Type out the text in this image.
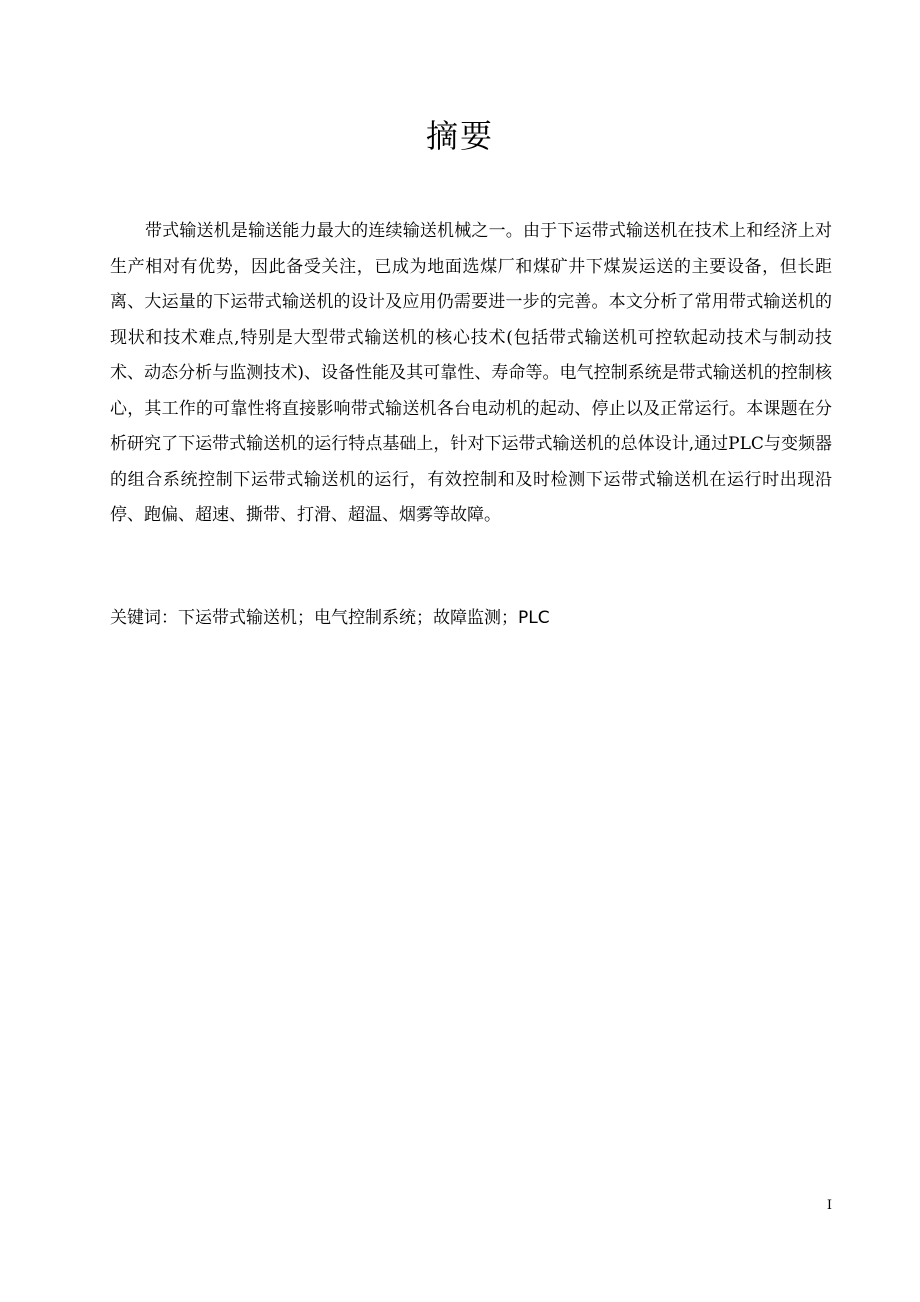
摘要

带式输送机是输送能力最大的连续输送机械之一。由于下运带式输送机在技术上和经济上对生产相对有优势，因此备受关注，已成为地面选煤厂和煤矿井下煤炭运送的主要设备，但长距离、大运量的下运带式输送机的设计及应用仍需要进一步的完善。本文分析了常用带式输送机的现状和技术难点,特别是大型带式输送机的核心技术(包括带式输送机可控软起动技术与制动技术、动态分析与监测技术)、设备性能及其可靠性、寿命等。电气控制系统是带式输送机的控制核心，其工作的可靠性将直接影响带式输送机各台电动机的起动、停止以及正常运行。本课题在分析研究了下运带式输送机的运行特点基础上，针对下运带式输送机的总体设计,通过PLC与变频器的组合系统控制下运带式输送机的运行，有效控制和及时检测下运带式输送机在运行时出现沿停、跑偏、超速、撕带、打滑、超温、烟雾等故障。

关键词：下运带式输送机；电气控制系统；故障监测；PLC

I
